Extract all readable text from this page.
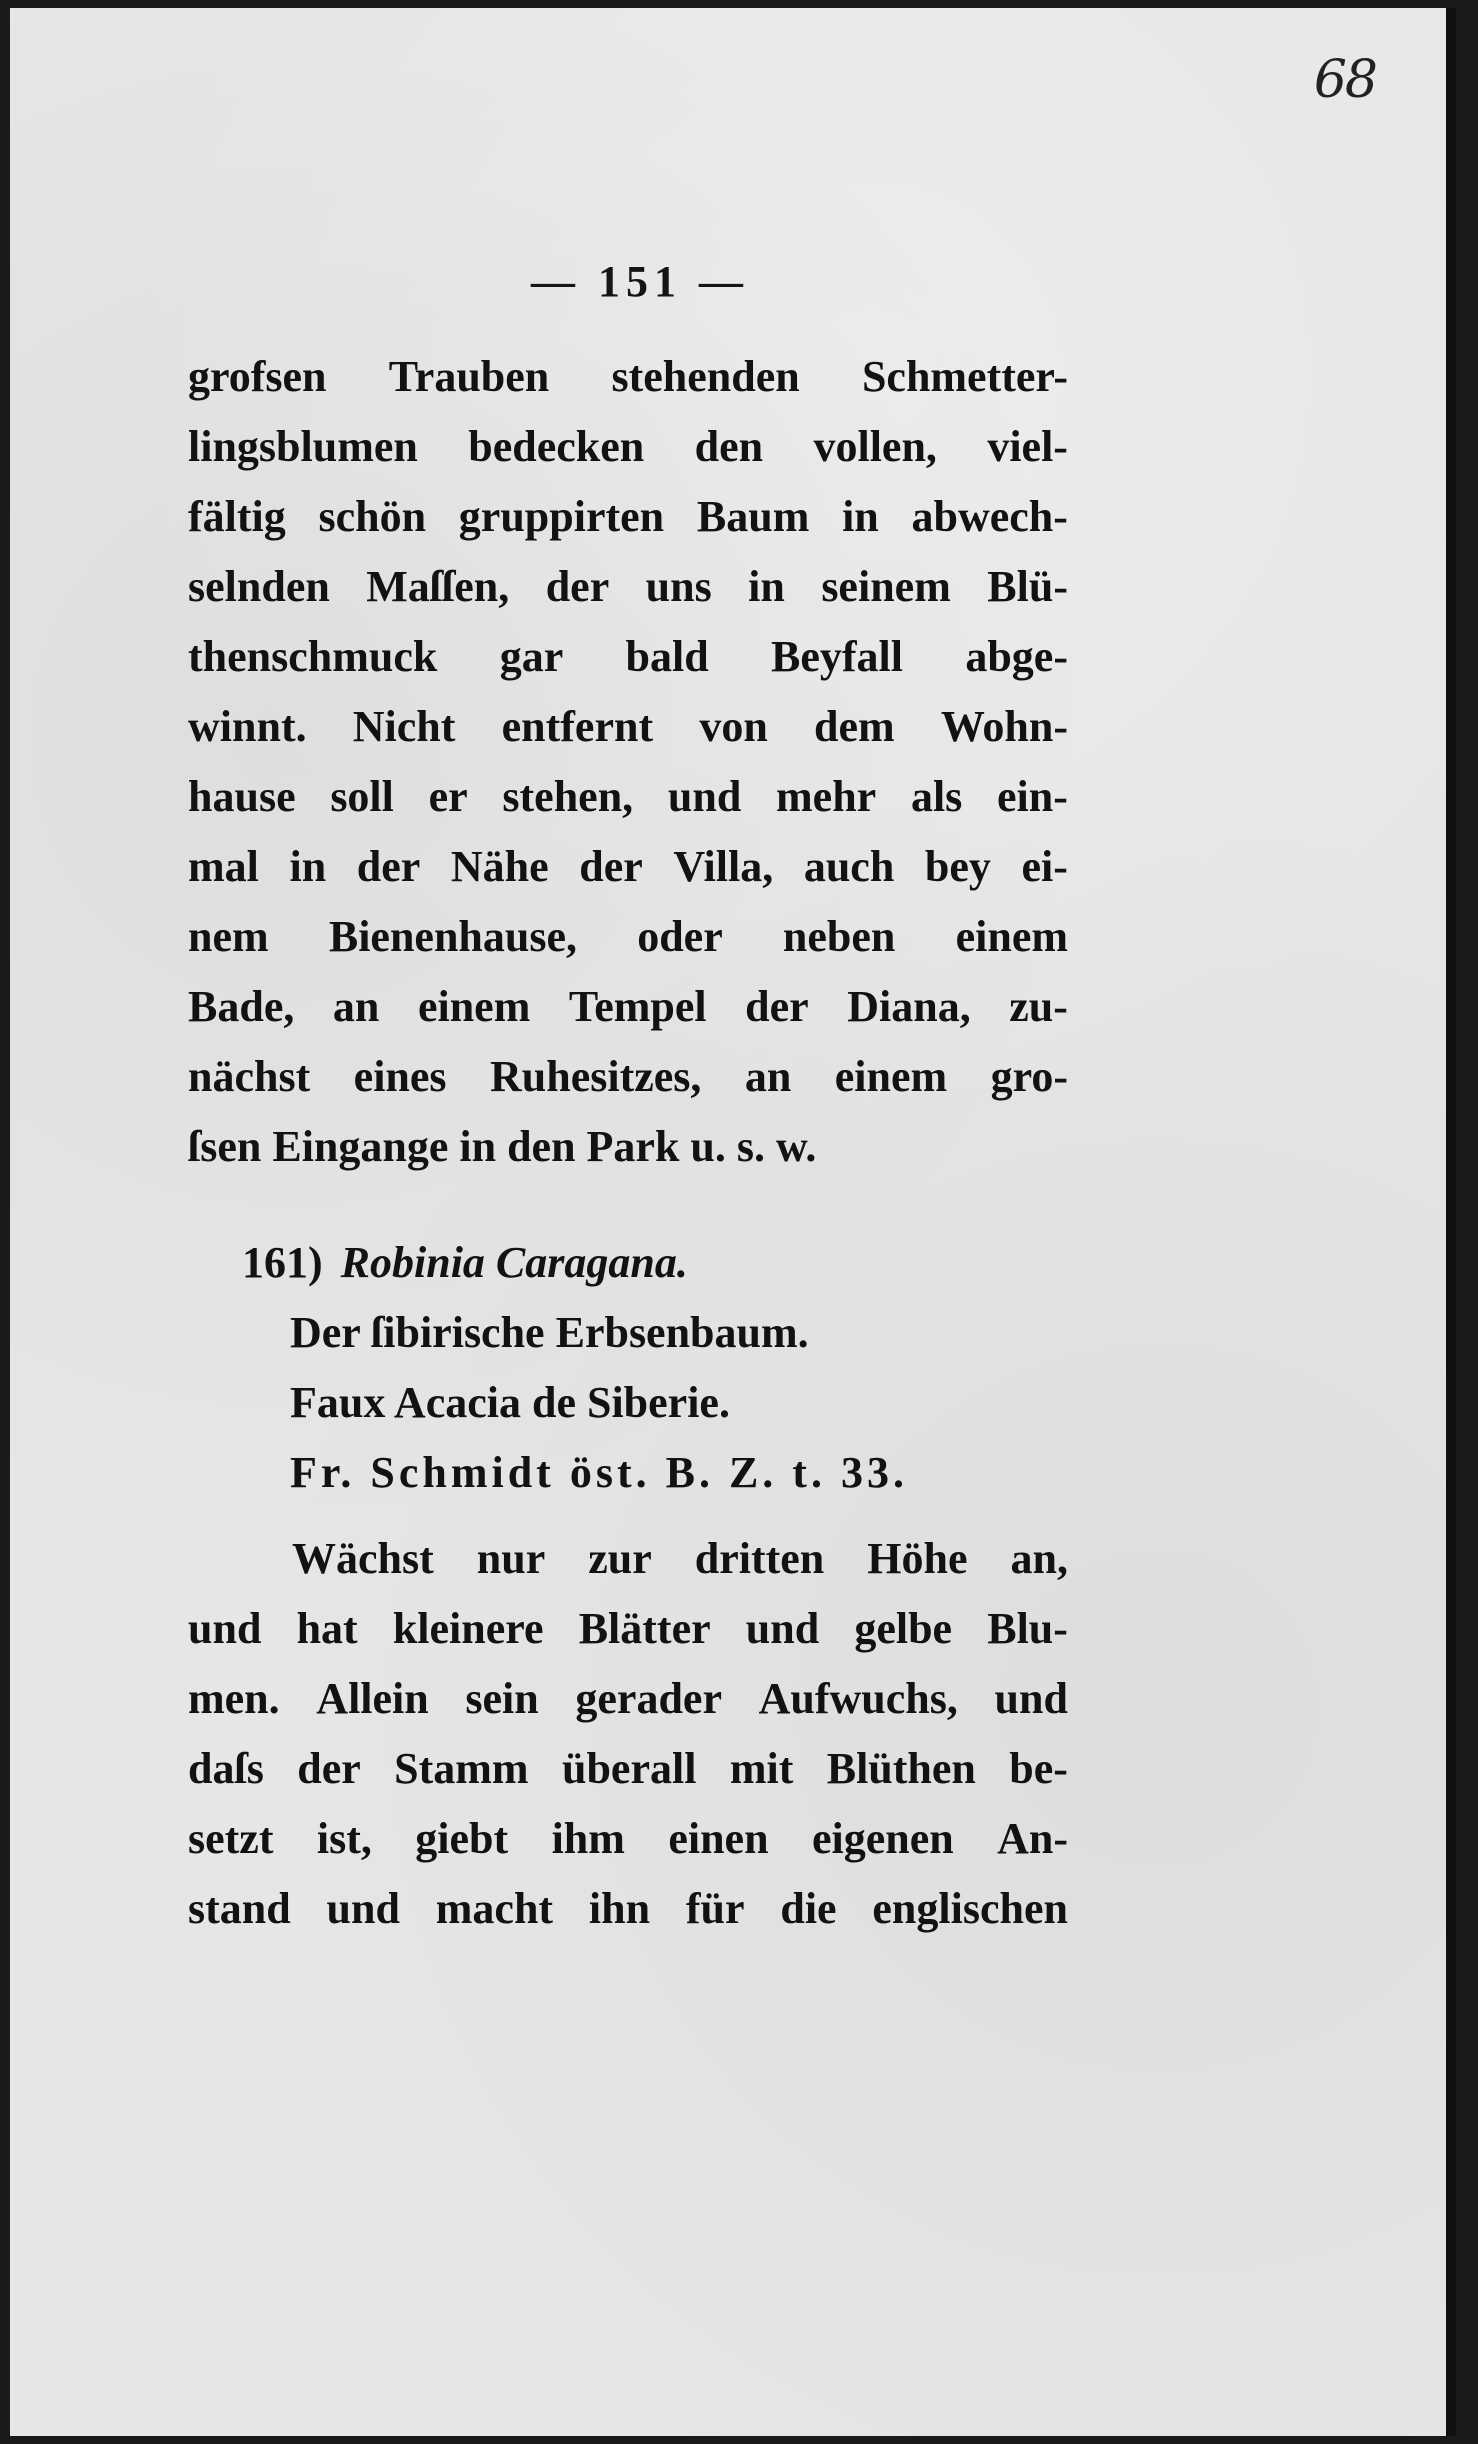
68
— 151 —
grofsen Trauben stehenden Schmetter-
lingsblumen bedecken den vollen, viel-
fältig schön gruppirten Baum in abwech-
selnden Maſſen, der uns in seinem Blü-
thenschmuck gar bald Beyfall abge-
winnt. Nicht entfernt von dem Wohn-
hause soll er stehen, und mehr als ein-
mal in der Nähe der Villa, auch bey ei-
nem Bienenhause, oder neben einem
Bade, an einem Tempel der Diana, zu-
nächst eines Ruhesitzes, an einem gro-
ſsen Eingange in den Park u. s. w.
161) Robinia Caragana.
Der ſibirische Erbsenbaum.
Faux Acacia de Siberie.
Fr. Schmidt öst. B. Z. t. 33.
Wächst nur zur dritten Höhe an,
und hat kleinere Blätter und gelbe Blu-
men. Allein sein gerader Aufwuchs, und
daſs der Stamm überall mit Blüthen be-
setzt ist, giebt ihm einen eigenen An-
stand und macht ihn für die englischen
